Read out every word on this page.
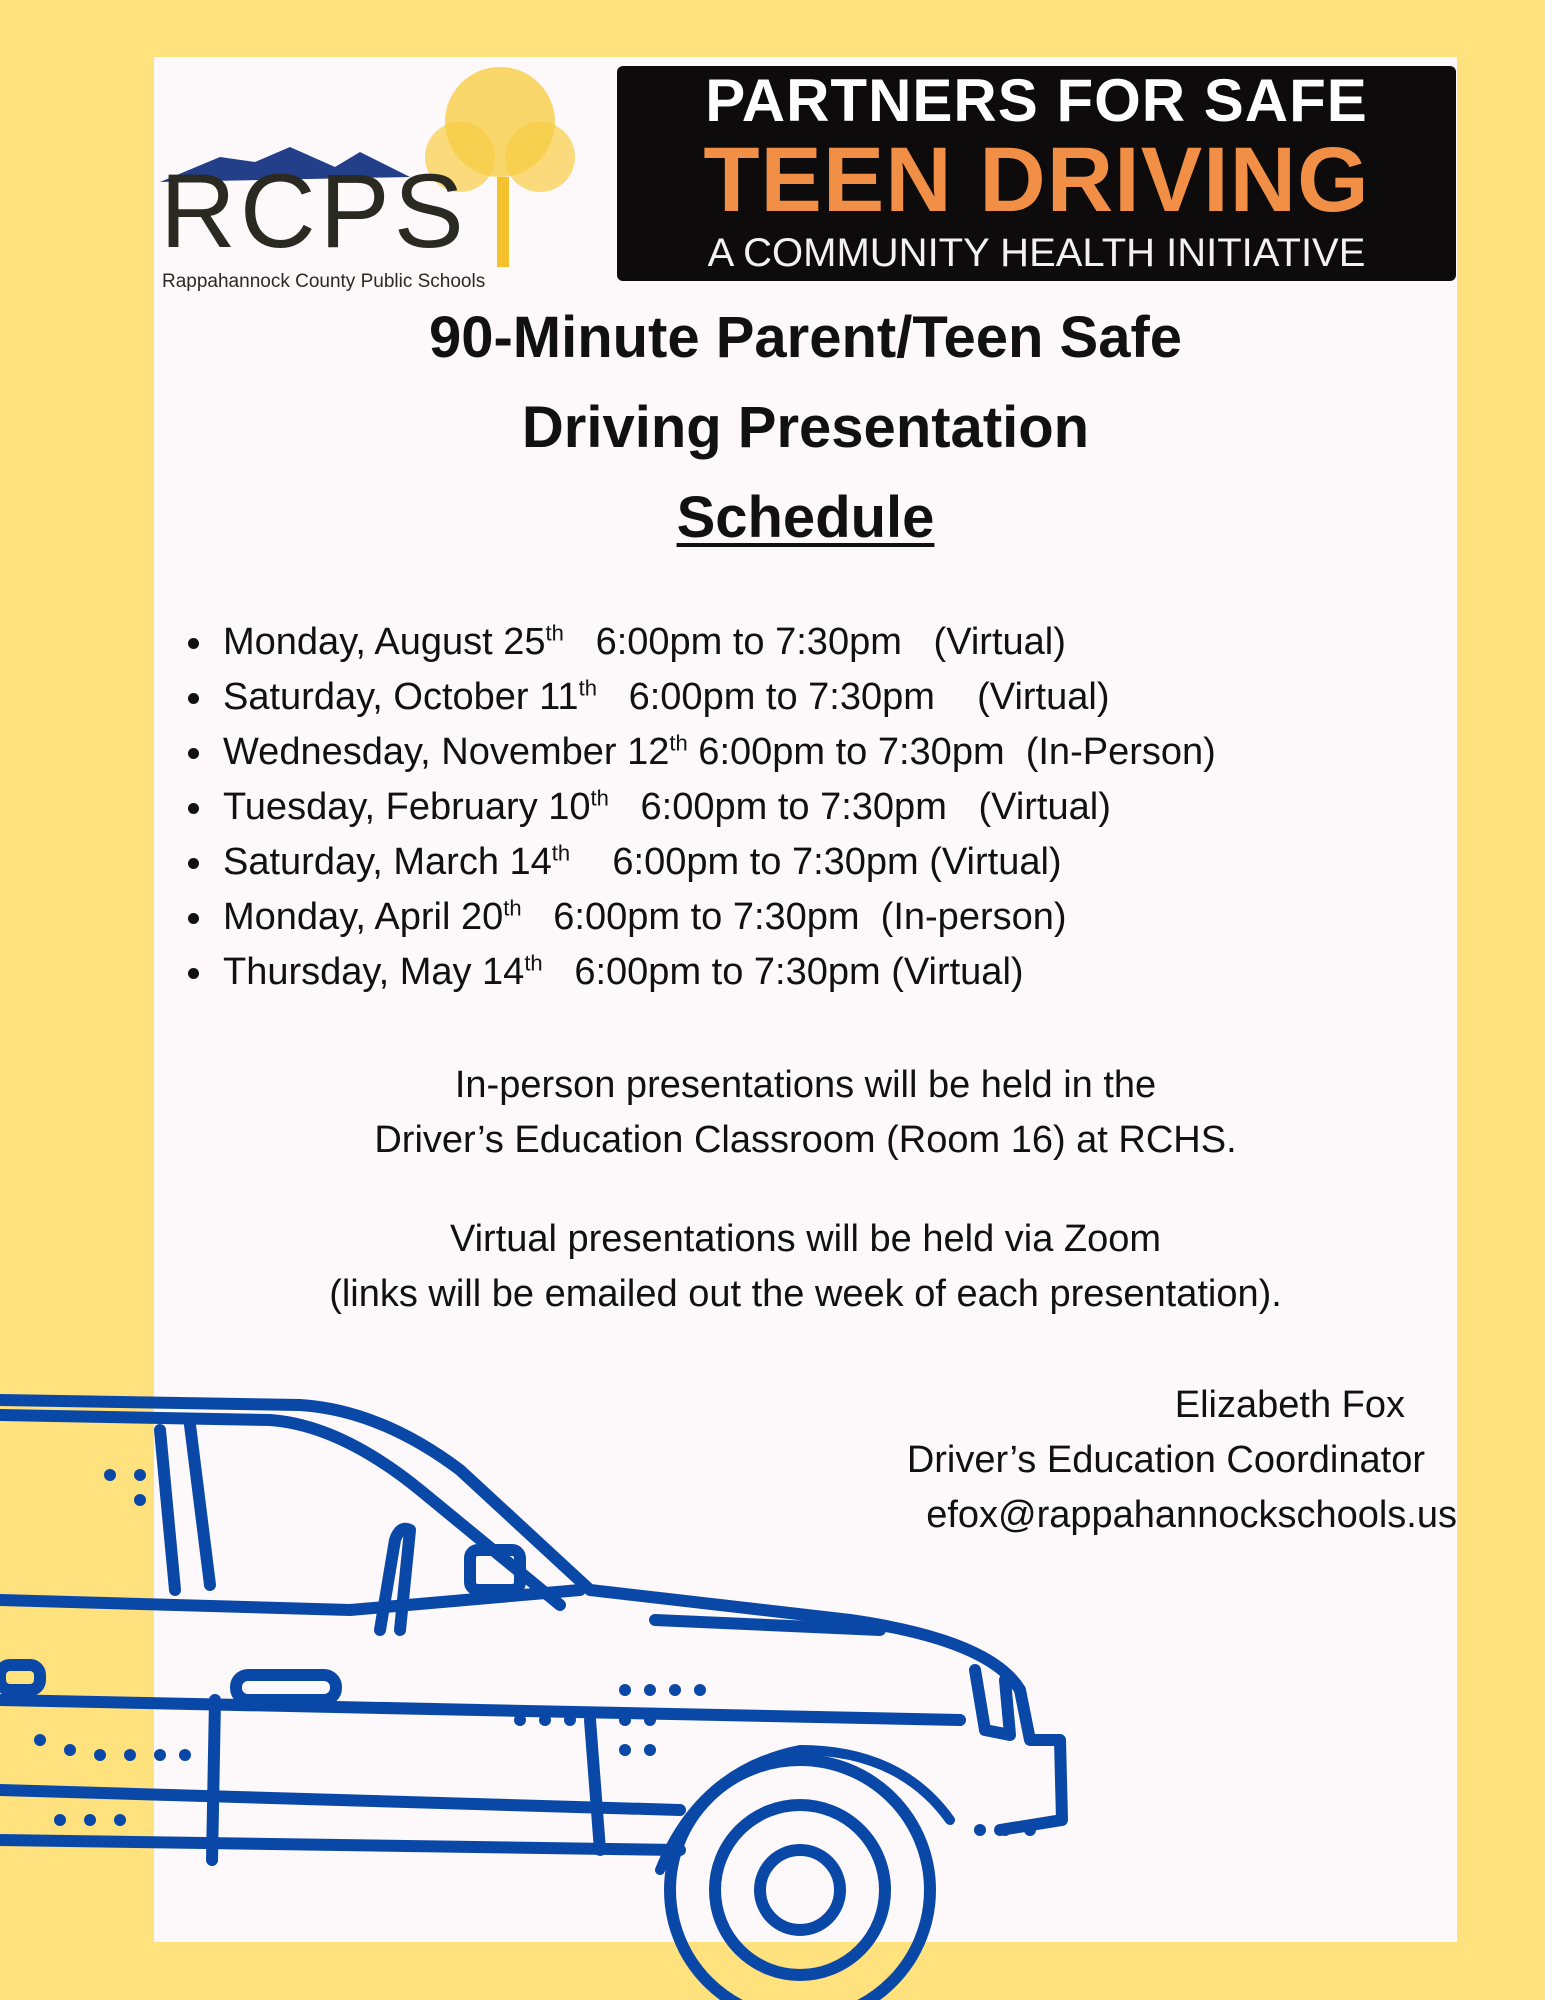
RCPS
Rappahannock County Public Schools
PARTNERS FOR SAFE
TEEN DRIVING
A COMMUNITY HEALTH INITIATIVE
90-Minute Parent/Teen Safe
Driving Presentation
Schedule
Monday, August 25th   6:00pm to 7:30pm   (Virtual)
Saturday, October 11th   6:00pm to 7:30pm    (Virtual)
Wednesday, November 12th 6:00pm to 7:30pm  (In-Person)
Tuesday, February 10th   6:00pm to 7:30pm   (Virtual)
Saturday, March 14th    6:00pm to 7:30pm (Virtual)
Monday, April 20th   6:00pm to 7:30pm  (In-person)
Thursday, May 14th   6:00pm to 7:30pm (Virtual)
In-person presentations will be held in the
Driver’s Education Classroom (Room 16) at RCHS.
Virtual presentations will be held via Zoom
(links will be emailed out the week of each presentation).
Elizabeth Fox
Driver’s Education Coordinator
efox@rappahannockschools.us
